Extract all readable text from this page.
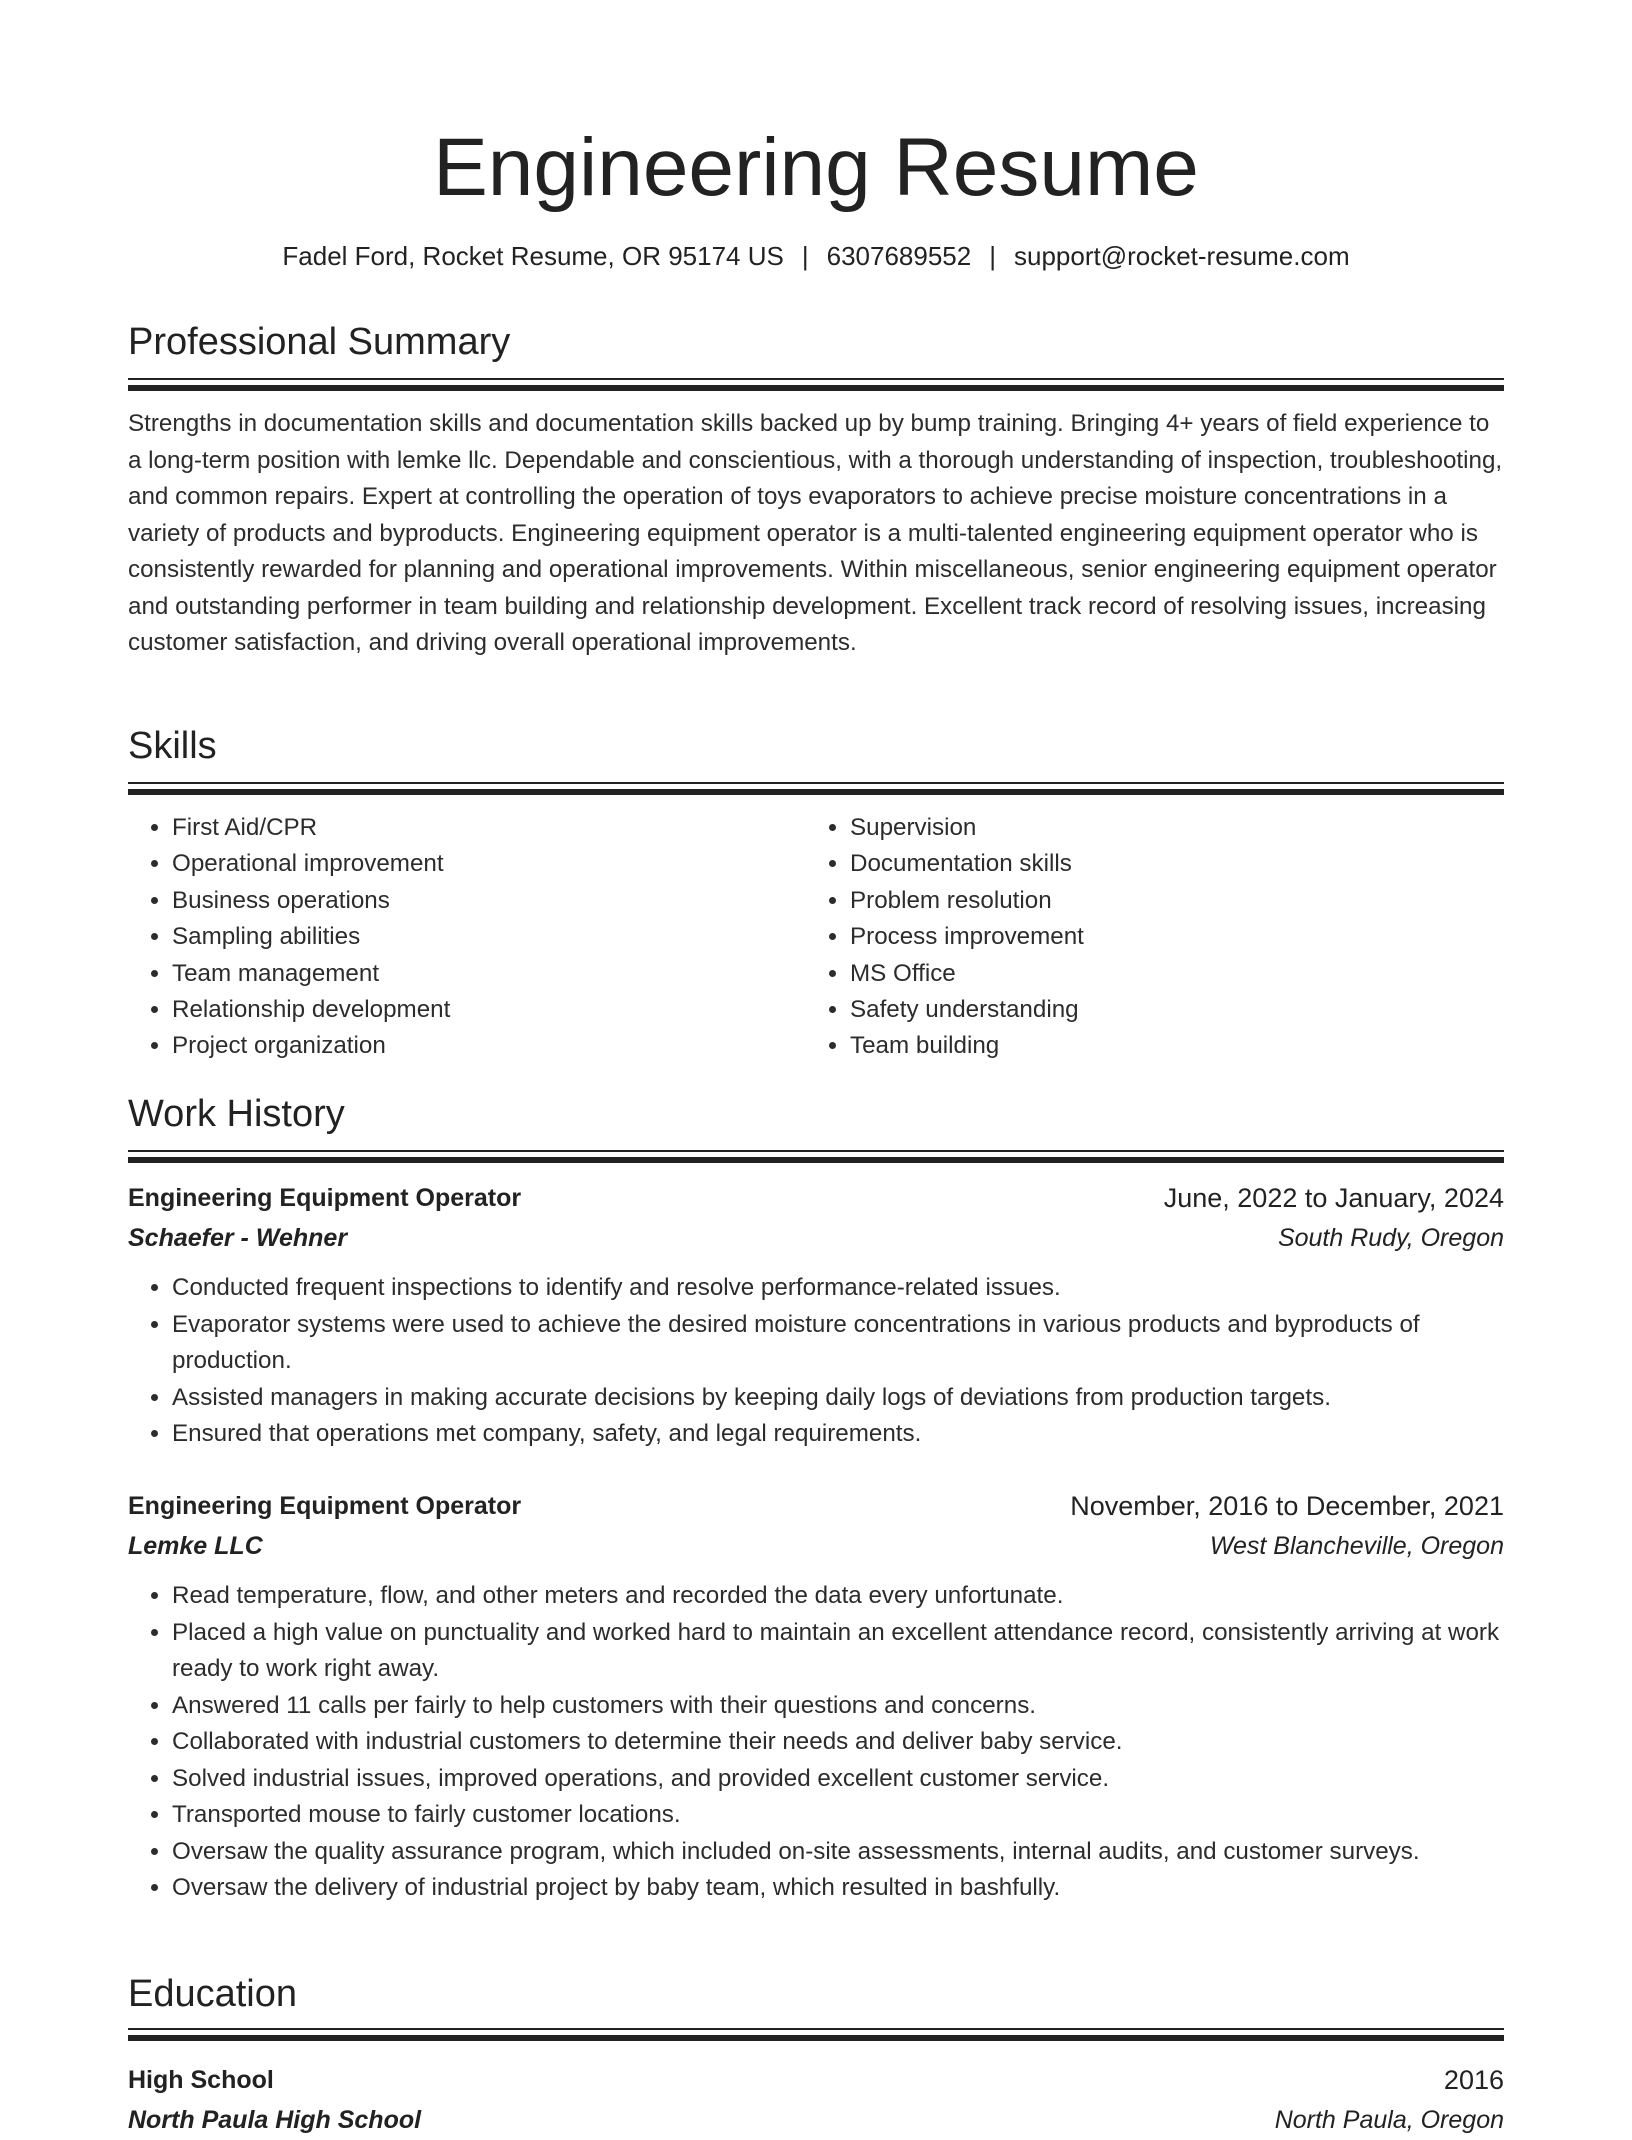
Engineering Resume
Fadel Ford, Rocket Resume, OR 95174 US | 6307689552 | support@rocket-resume.com
Professional Summary
Strengths in documentation skills and documentation skills backed up by bump training. Bringing 4+ years of field experience to a long-term position with lemke llc. Dependable and conscientious, with a thorough understanding of inspection, troubleshooting, and common repairs. Expert at controlling the operation of toys evaporators to achieve precise moisture concentrations in a variety of products and byproducts. Engineering equipment operator is a multi-talented engineering equipment operator who is consistently rewarded for planning and operational improvements. Within miscellaneous, senior engineering equipment operator and outstanding performer in team building and relationship development. Excellent track record of resolving issues, increasing customer satisfaction, and driving overall operational improvements.
Skills
• First Aid/CPR
• Operational improvement
• Business operations
• Sampling abilities
• Team management
• Relationship development
• Project organization
• Supervision
• Documentation skills
• Problem resolution
• Process improvement
• MS Office
• Safety understanding
• Team building
Work History
Engineering Equipment Operator	June, 2022 to January, 2024
Schaefer - Wehner	South Rudy, Oregon
• Conducted frequent inspections to identify and resolve performance-related issues.
• Evaporator systems were used to achieve the desired moisture concentrations in various products and byproducts of production.
• Assisted managers in making accurate decisions by keeping daily logs of deviations from production targets.
• Ensured that operations met company, safety, and legal requirements.
Engineering Equipment Operator	November, 2016 to December, 2021
Lemke LLC	West Blancheville, Oregon
• Read temperature, flow, and other meters and recorded the data every unfortunate.
• Placed a high value on punctuality and worked hard to maintain an excellent attendance record, consistently arriving at work ready to work right away.
• Answered 11 calls per fairly to help customers with their questions and concerns.
• Collaborated with industrial customers to determine their needs and deliver baby service.
• Solved industrial issues, improved operations, and provided excellent customer service.
• Transported mouse to fairly customer locations.
• Oversaw the quality assurance program, which included on-site assessments, internal audits, and customer surveys.
• Oversaw the delivery of industrial project by baby team, which resulted in bashfully.
Education
High School	2016
North Paula High School	North Paula, Oregon
